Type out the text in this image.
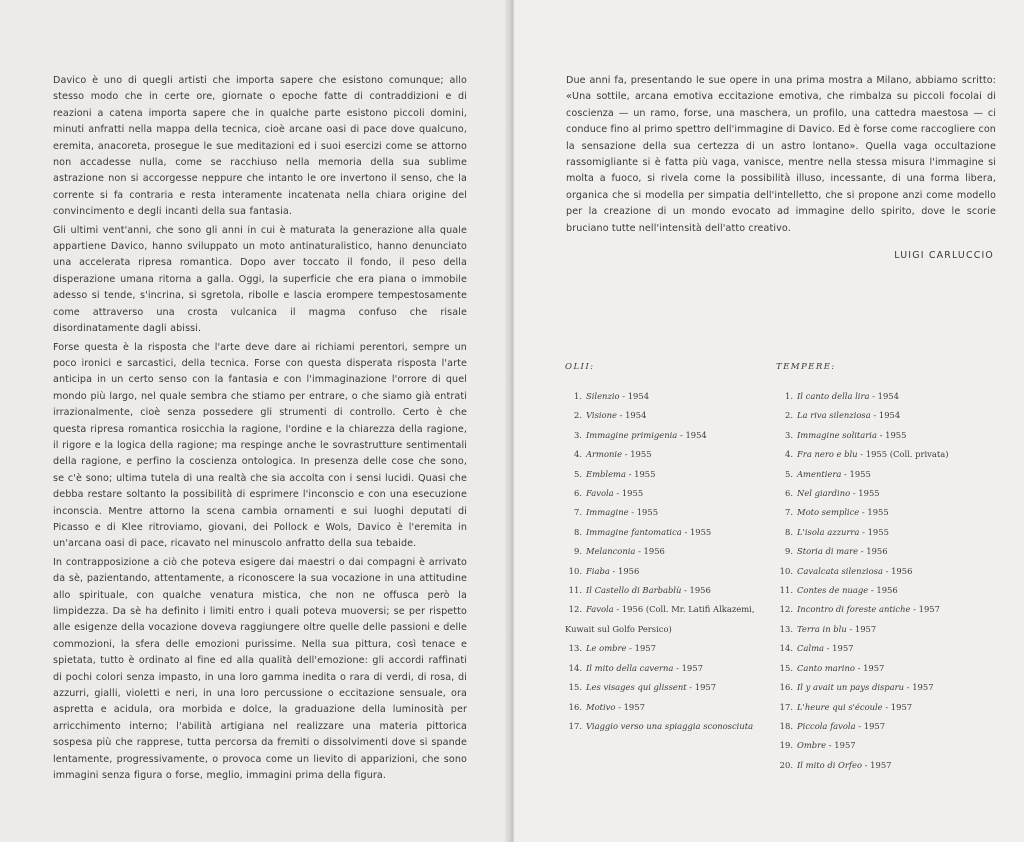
Davico è uno di quegli artisti che importa sapere che esistono comunque; allo stesso modo che in certe ore, giornate o epoche fatte di contraddizioni e di reazioni a catena importa sapere che in qualche parte esistono piccoli domini, minuti anfratti nella mappa della tecnica, cioè arcane oasi di pace dove qualcuno, eremita, anacoreta, prosegue le sue meditazioni ed i suoi esercizi come se attorno non accadesse nulla, come se racchiuso nella memoria della sua sublime astrazione non si accorgesse neppure che intanto le ore invertono il senso, che la corrente si fa contraria e resta interamente incatenata nella chiara origine del convincimento e degli incanti della sua fantasia.

Gli ultimi vent'anni, che sono gli anni in cui è maturata la generazione alla quale appartiene Davico, hanno sviluppato un moto antinaturalistico, hanno denunciato una accelerata ripresa romantica. Dopo aver toccato il fondo, il peso della disperazione umana ritorna a galla. Oggi, la superficie che era piana o immobile adesso si tende, s'incrina, si sgretola, ribolle e lascia erompere tempestosamente come attraverso una crosta vulcanica il magma confuso che risale disordinatamente dagli abissi.

Forse questa è la risposta che l'arte deve dare ai richiami perentori, sempre un poco ironici e sarcastici, della tecnica. Forse con questa disperata risposta l'arte anticipa in un certo senso con la fantasia e con l'immaginazione l'orrore di quel mondo più largo, nel quale sembra che stiamo per entrare, o che siamo già entrati irrazionalmente, cioè senza possedere gli strumenti di controllo. Certo è che questa ripresa romantica rosicchia la ragione, l'ordine e la chiarezza della ragione, il rigore e la logica della ragione; ma respinge anche le sovrastrutture sentimentali della ragione, e perfino la coscienza ontologica. In presenza delle cose che sono, se c'è sono; ultima tutela di una realtà che sia accolta con i sensi lucidi. Quasi che debba restare soltanto la possibilità di esprimere l'inconscio e con una esecuzione inconscia. Mentre attorno la scena cambia ornamenti e sui luoghi deputati di Picasso e di Klee ritroviamo, giovani, dei Pollock e Wols, Davico è l'eremita in un'arcana oasi di pace, ricavato nel minuscolo anfratto della sua tebaide.

In contrapposizione a ciò che poteva esigere dai maestri o dai compagni è arrivato da sè, pazientando, attentamente, a riconoscere la sua vocazione in una attitudine allo spirituale, con qualche venatura mistica, che non ne offusca però la limpidezza. Da sè ha definito i limiti entro i quali poteva muoversi; se per rispetto alle esigenze della vocazione doveva raggiungere oltre quelle delle passioni e delle commozioni, la sfera delle emozioni purissime. Nella sua pittura, così tenace e spietata, tutto è ordinato al fine ed alla qualità dell'emozione: gli accordi raffinati di pochi colori senza impasto, in una loro gamma inedita o rara di verdi, di rosa, di azzurri, gialli, violetti e neri, in una loro percussione o eccitazione sensuale, ora aspretta e acidula, ora morbida e dolce, la graduazione della luminosità per arricchimento interno; l'abilità artigiana nel realizzare una materia pittorica sospesa più che rapprese, tutta percorsa da fremiti o dissolvimenti dove si spande lentamente, progressivamente, o provoca come un lievito di apparizioni, che sono immagini senza figura o forse, meglio, immagini prima della figura.

Due anni fa, presentando le sue opere in una prima mostra a Milano, abbiamo scritto: «Una sottile, arcana emotiva eccitazione emotiva, che rimbalza su piccoli focolai di coscienza — un ramo, forse, una maschera, un profilo, una cattedra maestosa — ci conduce fino al primo spettro dell'immagine di Davico. Ed è forse come raccogliere con la sensazione della sua certezza di un astro lontano». Quella vaga occultazione rassomigliante si è fatta più vaga, vanisce, mentre nella stessa misura l'immagine si molta a fuoco, si rivela come la possibilità illuso, incessante, di una forma libera, organica che si modella per simpatia dell'intelletto, che si propone anzi come modello per la creazione di un mondo evocato ad immagine dello spirito, dove le scorie bruciano tutte nell'intensità dell'atto creativo.

LUIGI CARLUCCIO
OLII:
1. Silenzio - 1954
2. Visione - 1954
3. Immagine primigenia - 1954
4. Armonie - 1955
5. Emblema - 1955
6. Favola - 1955
7. Immagine - 1955
8. Immagine fantomatica - 1955
9. Melanconia - 1956
10. Fiaba - 1956
11. Il Castello di Barbablù - 1956
12. Favola - 1956 (Coll. Mr. Latifi Alkazemi, Kuwait sul Golfo Persico)
13. Le ombre - 1957
14. Il mito della caverna - 1957
15. Les visages qui glissent - 1957
16. Motivo - 1957
17. Viaggio verso una spiaggia sconosciuta
TEMPERE:
1. Il canto della lira - 1954
2. La riva silenziosa - 1954
3. Immagine solitaria - 1955
4. Fra nero e blu - 1955 (Coll. privata)
5. Amentiera - 1955
6. Nel giardino - 1955
7. Moto semplice - 1955
8. L'isola azzurra - 1955
9. Storia di mare - 1956
10. Cavalcata silenziosa - 1956
11. Contes de nuage - 1956
12. Incontro di foreste antiche - 1957
13. Terra in blu - 1957
14. Calma - 1957
15. Canto marino - 1957
16. Il y avait un pays disparu - 1957
17. L'heure qui s'écoule - 1957
18. Piccola favola - 1957
19. Ombre - 1957
20. Il mito di Orfeo - 1957
